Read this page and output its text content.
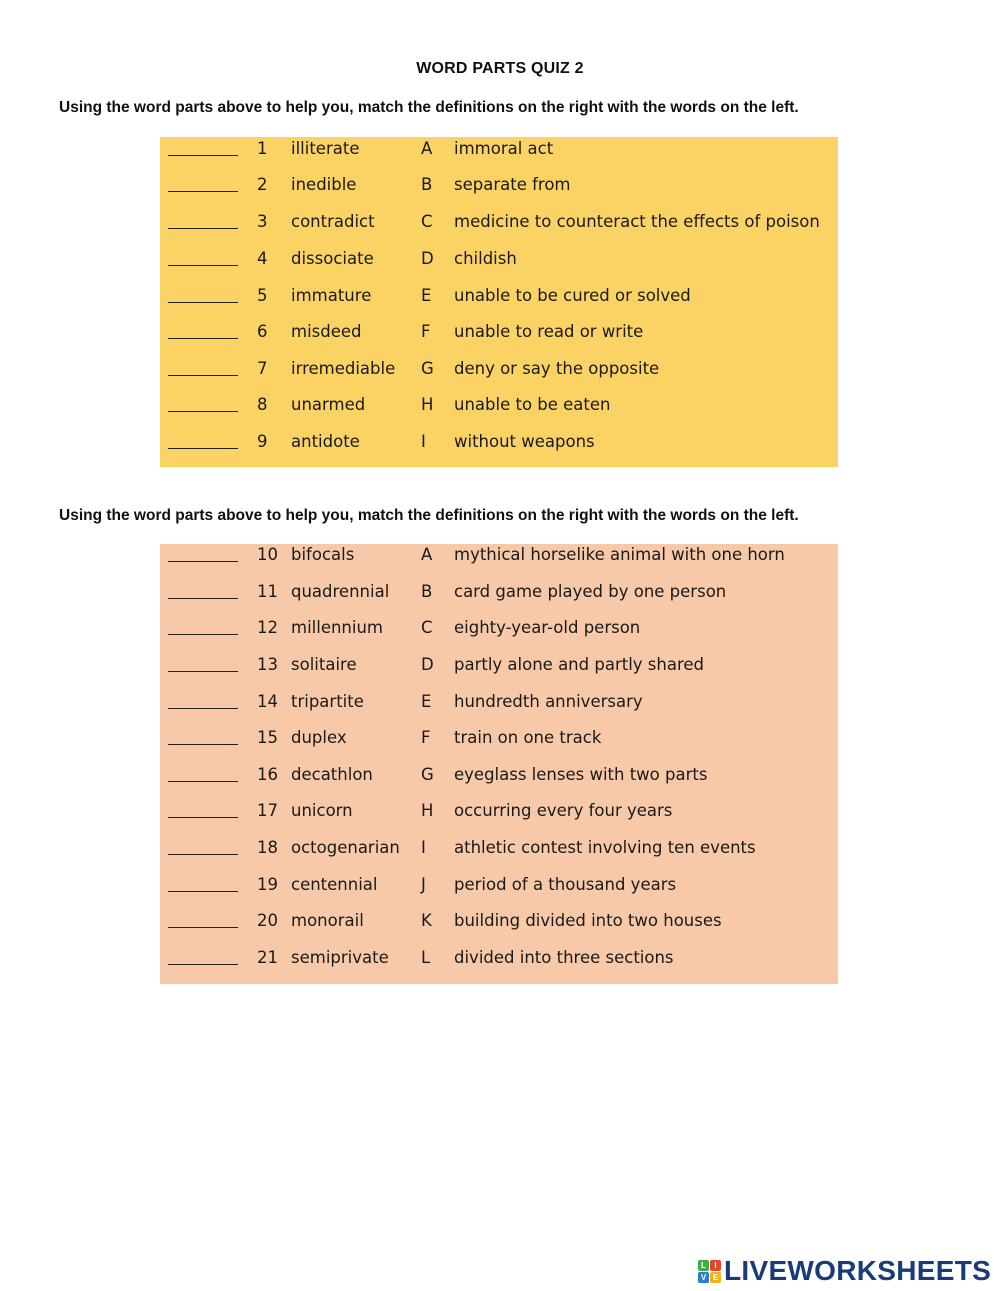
WORD PARTS QUIZ 2
Using the word parts above to help you, match the definitions on the right with the words on the left.
1 illiterate	A immoral act
2 inedible	B separate from
3 contradict	C medicine to counteract the effects of poison
4 dissociate	D childish
5 immature	E unable to be cured or solved
6 misdeed	F unable to read or write
7 irremediable G deny or say the opposite
8 unarmed	H unable to be eaten
9 antidote	I without weapons
Using the word parts above to help you, match the definitions on the right with the words on the left.
10 bifocals	A mythical horselike animal with one horn
11 quadrennial B card game played by one person
12 millennium C eighty-year-old person
13 solitaire	D partly alone and partly shared
14 tripartite	E hundredth anniversary
15 duplex	F train on one track
16 decathlon	G eyeglass lenses with two parts
17 unicorn	H occurring every four years
18 octogenarian I athletic contest involving ten events
19 centennial	J period of a thousand years
20 monorail	K building divided into two houses
21 semiprivate L divided into three sections
L	I
V E LIVEWORKSHEETS
